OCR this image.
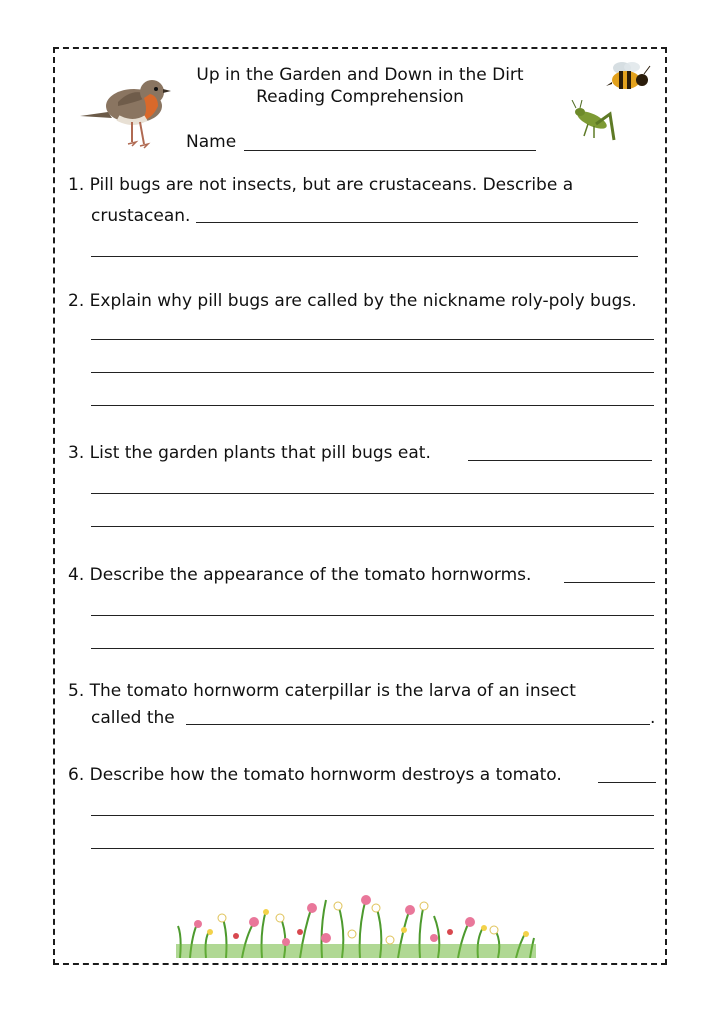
Up in the Garden and Down in the Dirt
Reading Comprehension
Name
1. Pill bugs are not insects, but are crustaceans. Describe a
crustacean.
2. Explain why pill bugs are called by the nickname roly-poly bugs.
3. List the garden plants that pill bugs eat.
4. Describe the appearance of the tomato hornworms.
5. The tomato hornworm caterpillar is the larva of an insect
called the	.
6. Describe how the tomato hornworm destroys a tomato.
